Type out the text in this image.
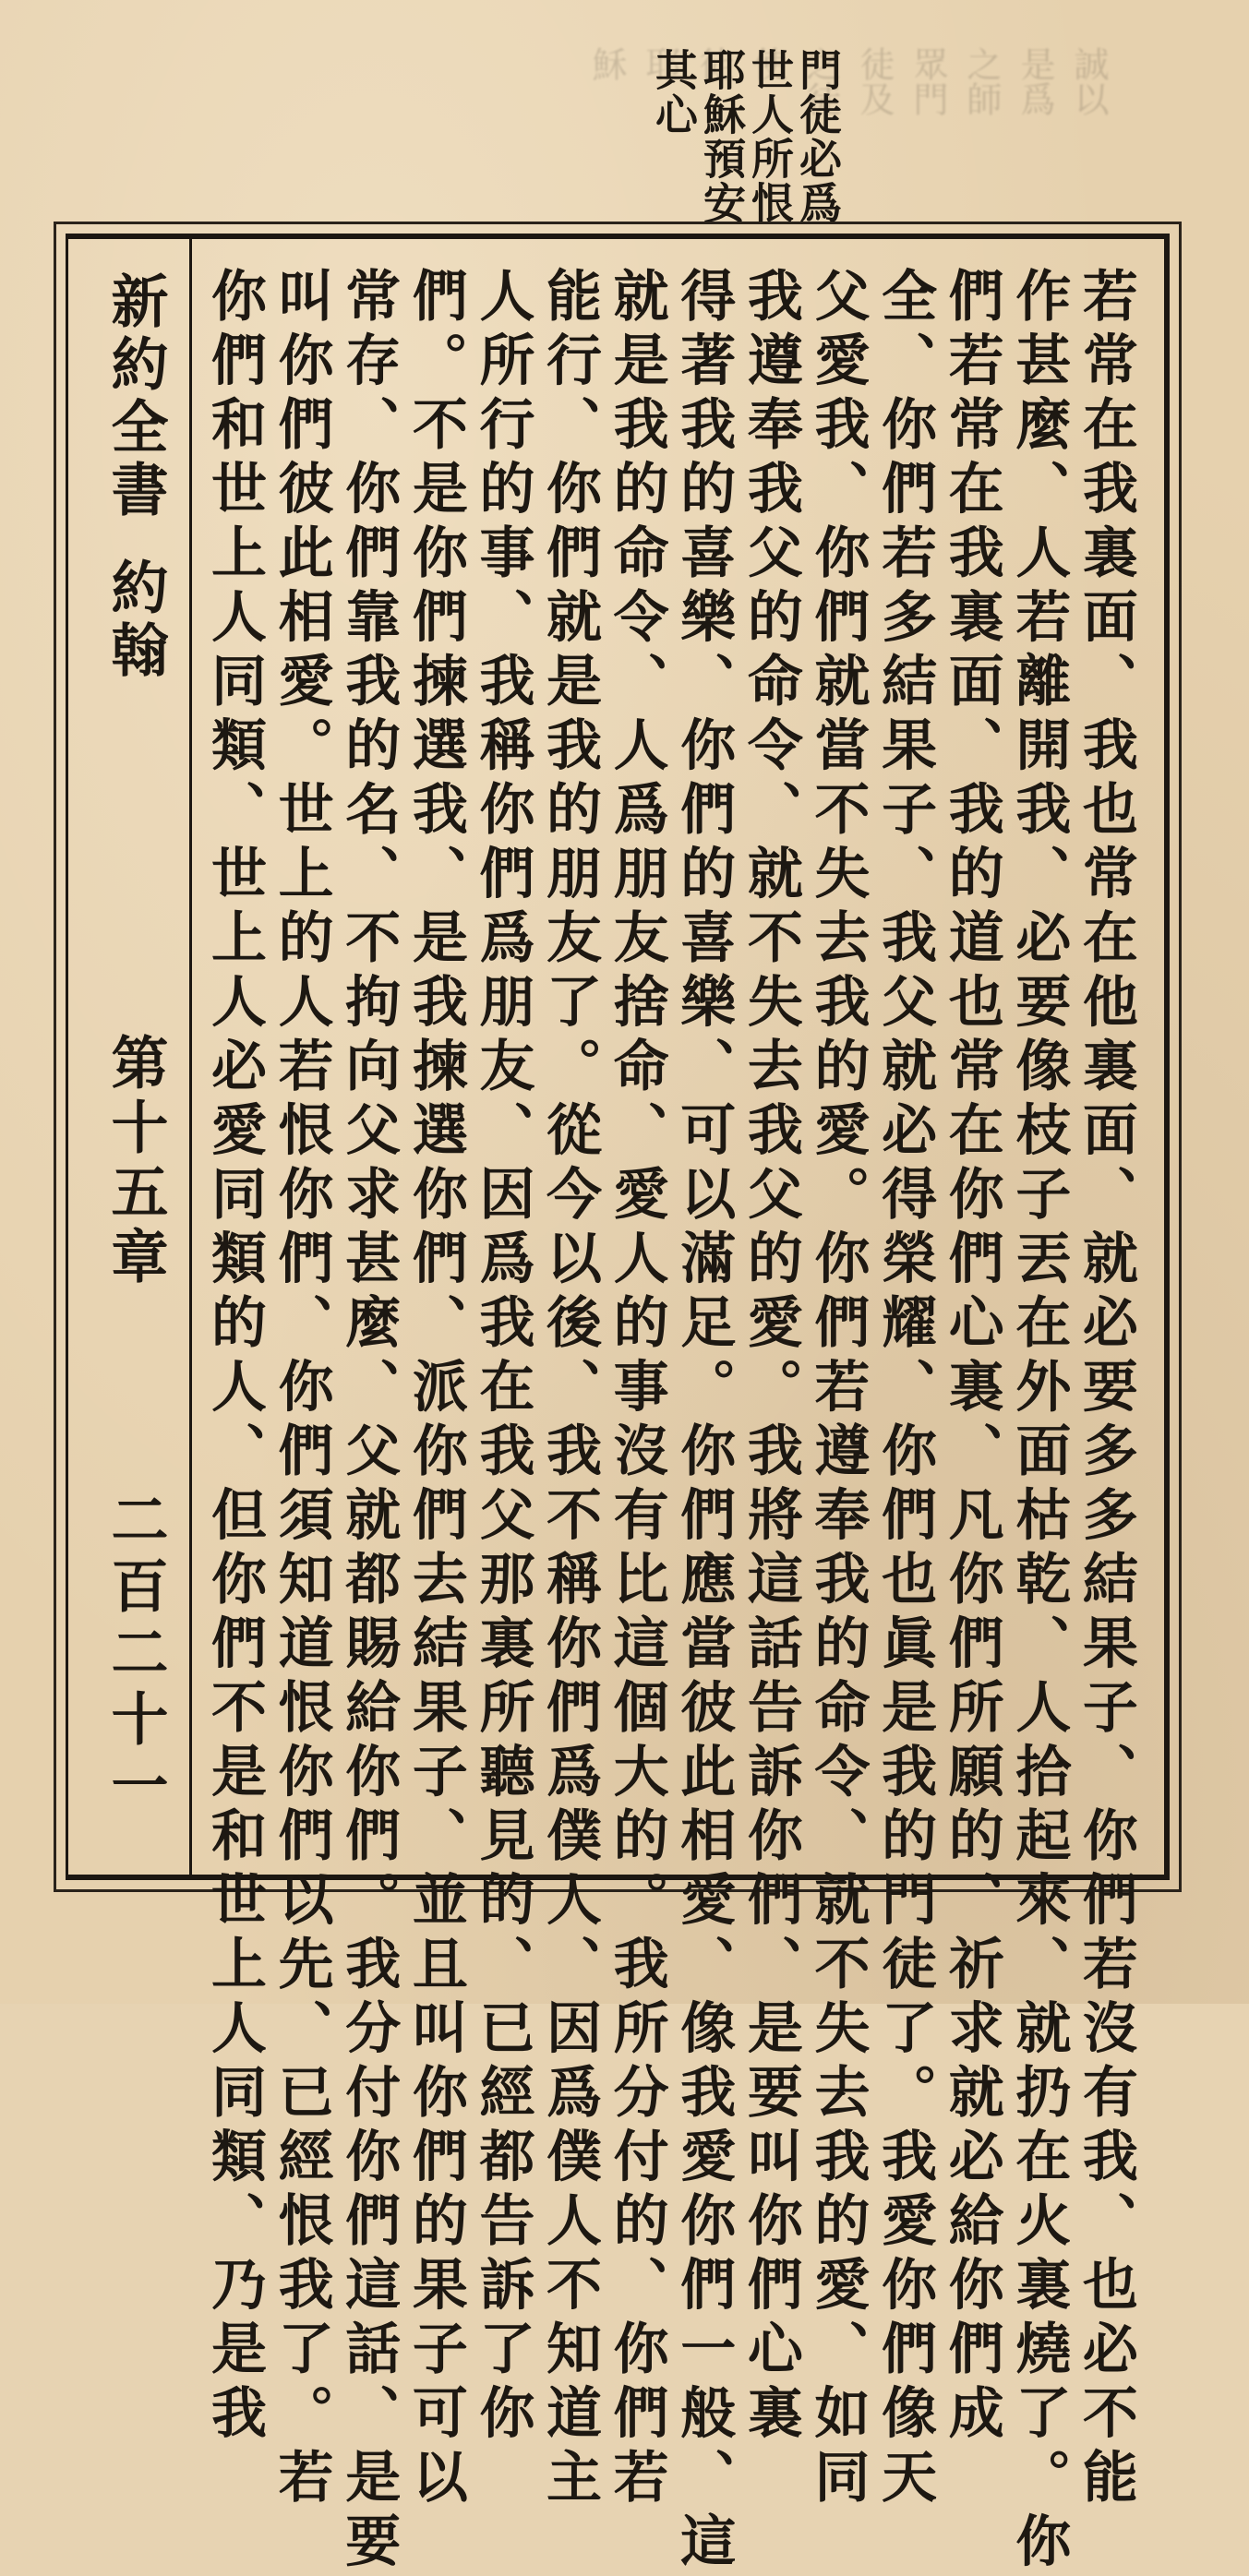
誠以
是爲
之師
眾門
徒及
之徒
使
徒
耶
穌	門徒必爲
世人所恨
耶穌預安
其心
新約全書
約翰
第十五章
二百二十一	若常在我裏面、我也常在他裏面、就必要多多結果子、你們若沒有我、也必不能
作甚麼、人若離開我、必要像枝子丟在外面枯乾、人拾起來、就扔在火裏燒了。你
們若常在我裏面、我的道也常在你們心裏、凡你們所願的、祈求就必給你們成
全、你們若多結果子、我父就必得榮耀、你們也眞是我的門徒了。我愛你們像天
父愛我、你們就當不失去我的愛。你們若遵奉我的命令、就不失去我的愛、如同
我遵奉我父的命令、就不失去我父的愛。我將這話告訴你們、是要叫你們心裏
得著我的喜樂、你們的喜樂、可以滿足。你們應當彼此相愛、像我愛你們一般、這
就是我的命令、人爲朋友捨命、愛人的事沒有比這個大的。我所分付的、你們若
能行、你們就是我的朋友了。從今以後、我不稱你們爲僕人、因爲僕人不知道主
人所行的事、我稱你們爲朋友、因爲我在我父那裏所聽見的、已經都告訴了你
們。不是你們揀選我、是我揀選你們、派你們去結果子、並且叫你們的果子可以
常存、你們靠我的名、不拘向父求甚麼、父就都賜給你們。我分付你們這話、是要
叫你們彼此相愛。世上的人若恨你們、你們須知道恨你們以先、已經恨我了。若
你們和世上人同類、世上人必愛同類的人、但你們不是和世上人同類、乃是我
